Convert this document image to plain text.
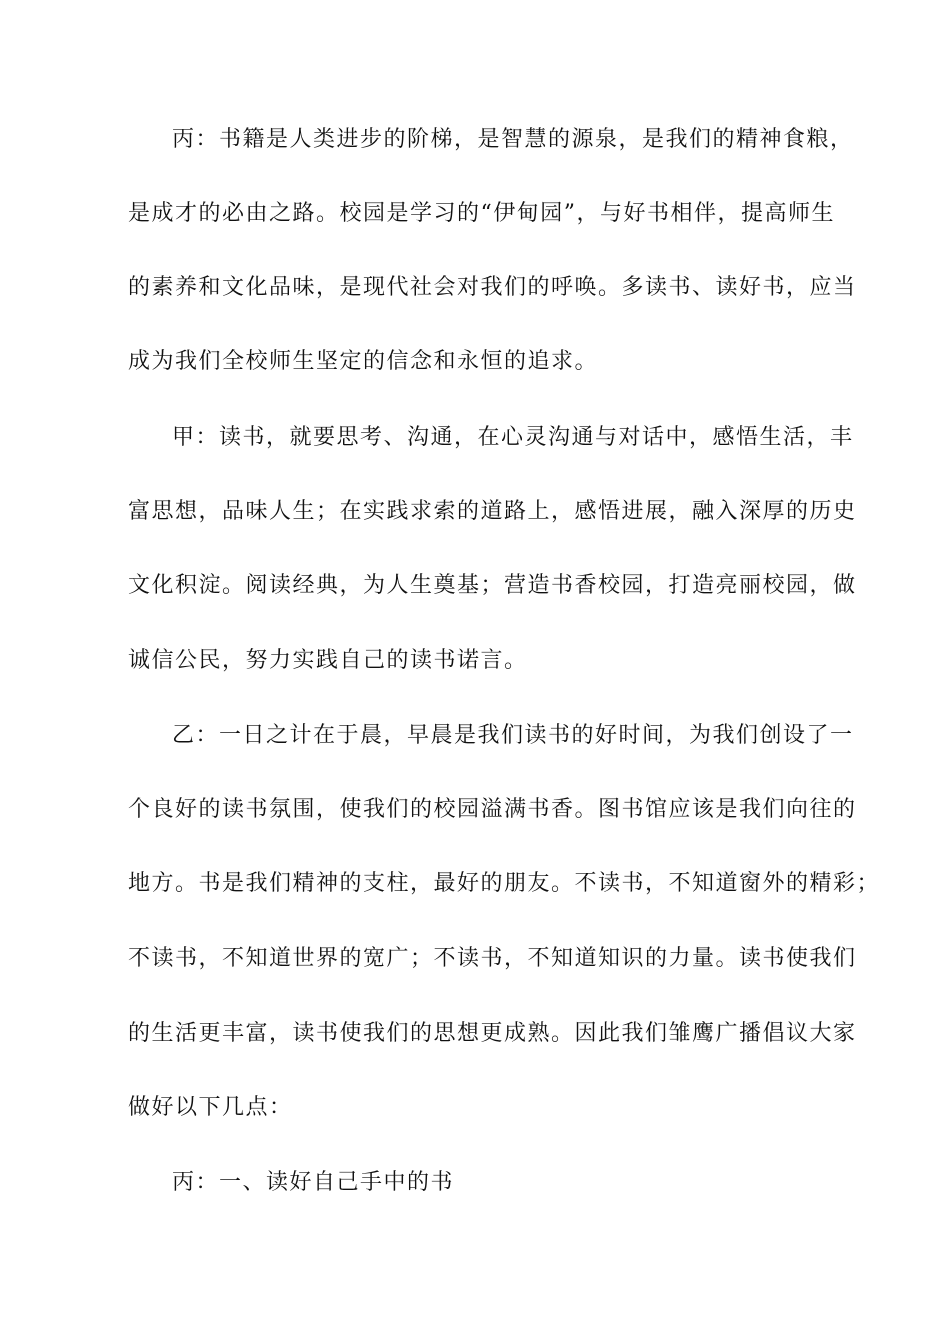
丙：书籍是人类进步的阶梯，是智慧的源泉，是我们的精神食粮，
是成才的必由之路。校园是学习的“伊甸园”，与好书相伴，提高师生
的素养和文化品味，是现代社会对我们的呼唤。多读书、读好书，应当
成为我们全校师生坚定的信念和永恒的追求。
甲：读书，就要思考、沟通，在心灵沟通与对话中，感悟生活，丰
富思想，品味人生；在实践求索的道路上，感悟进展，融入深厚的历史
文化积淀。阅读经典，为人生奠基；营造书香校园，打造亮丽校园，做
诚信公民，努力实践自己的读书诺言。
乙：一日之计在于晨，早晨是我们读书的好时间，为我们创设了一
个良好的读书氛围，使我们的校园溢满书香。图书馆应该是我们向往的
地方。书是我们精神的支柱，最好的朋友。不读书，不知道窗外的精彩；
不读书，不知道世界的宽广；不读书，不知道知识的力量。读书使我们
的生活更丰富，读书使我们的思想更成熟。因此我们雏鹰广播倡议大家
做好以下几点：
丙：一、读好自己手中的书
